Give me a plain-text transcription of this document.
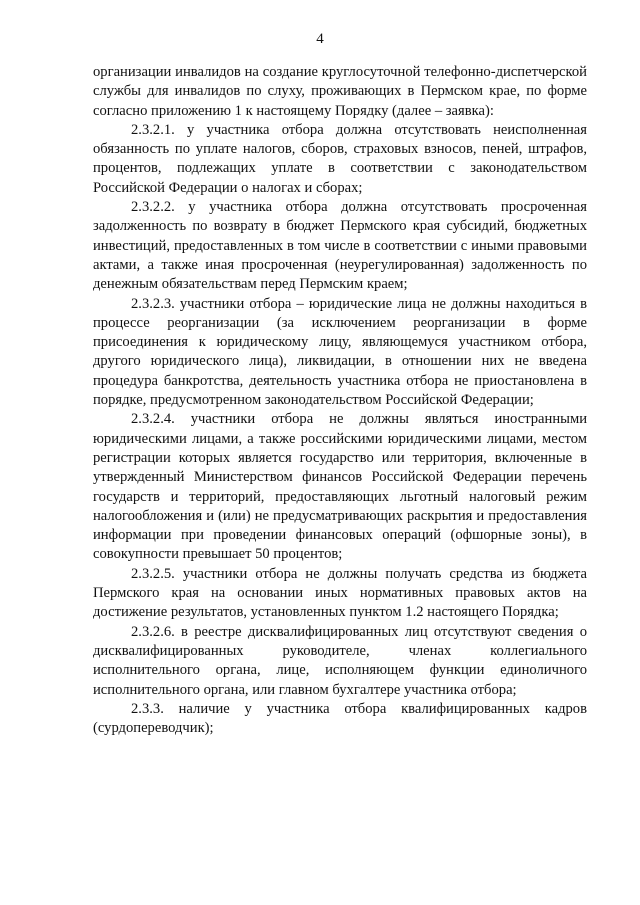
4

организации инвалидов на создание круглосуточной телефонно-диспетчерской службы для инвалидов по слуху, проживающих в Пермском крае, по форме согласно приложению 1 к настоящему Порядку (далее – заявка):

2.3.2.1. у участника отбора должна отсутствовать неисполненная обязанность по уплате налогов, сборов, страховых взносов, пеней, штрафов, процентов, подлежащих уплате в соответствии с законодательством Российской Федерации о налогах и сборах;

2.3.2.2. у участника отбора должна отсутствовать просроченная задолженность по возврату в бюджет Пермского края субсидий, бюджетных инвестиций, предоставленных в том числе в соответствии с иными правовыми актами, а также иная просроченная (неурегулированная) задолженность по денежным обязательствам перед Пермским краем;

2.3.2.3. участники отбора – юридические лица не должны находиться в процессе реорганизации (за исключением реорганизации в форме присоединения к юридическому лицу, являющемуся участником отбора, другого юридического лица), ликвидации, в отношении них не введена процедура банкротства, деятельность участника отбора не приостановлена в порядке, предусмотренном законодательством Российской Федерации;

2.3.2.4. участники отбора не должны являться иностранными юридическими лицами, а также российскими юридическими лицами, местом регистрации которых является государство или территория, включенные в утвержденный Министерством финансов Российской Федерации перечень государств и территорий, предоставляющих льготный налоговый режим налогообложения и (или) не предусматривающих раскрытия и предоставления информации при проведении финансовых операций (офшорные зоны), в совокупности превышает 50 процентов;

2.3.2.5. участники отбора не должны получать средства из бюджета Пермского края на основании иных нормативных правовых актов на достижение результатов, установленных пунктом 1.2 настоящего Порядка;

2.3.2.6. в реестре дисквалифицированных лиц отсутствуют сведения о дисквалифицированных руководителе, членах коллегиального исполнительного органа, лице, исполняющем функции единоличного исполнительного органа, или главном бухгалтере участника отбора;

2.3.3. наличие у участника отбора квалифицированных кадров (сурдопереводчик);
